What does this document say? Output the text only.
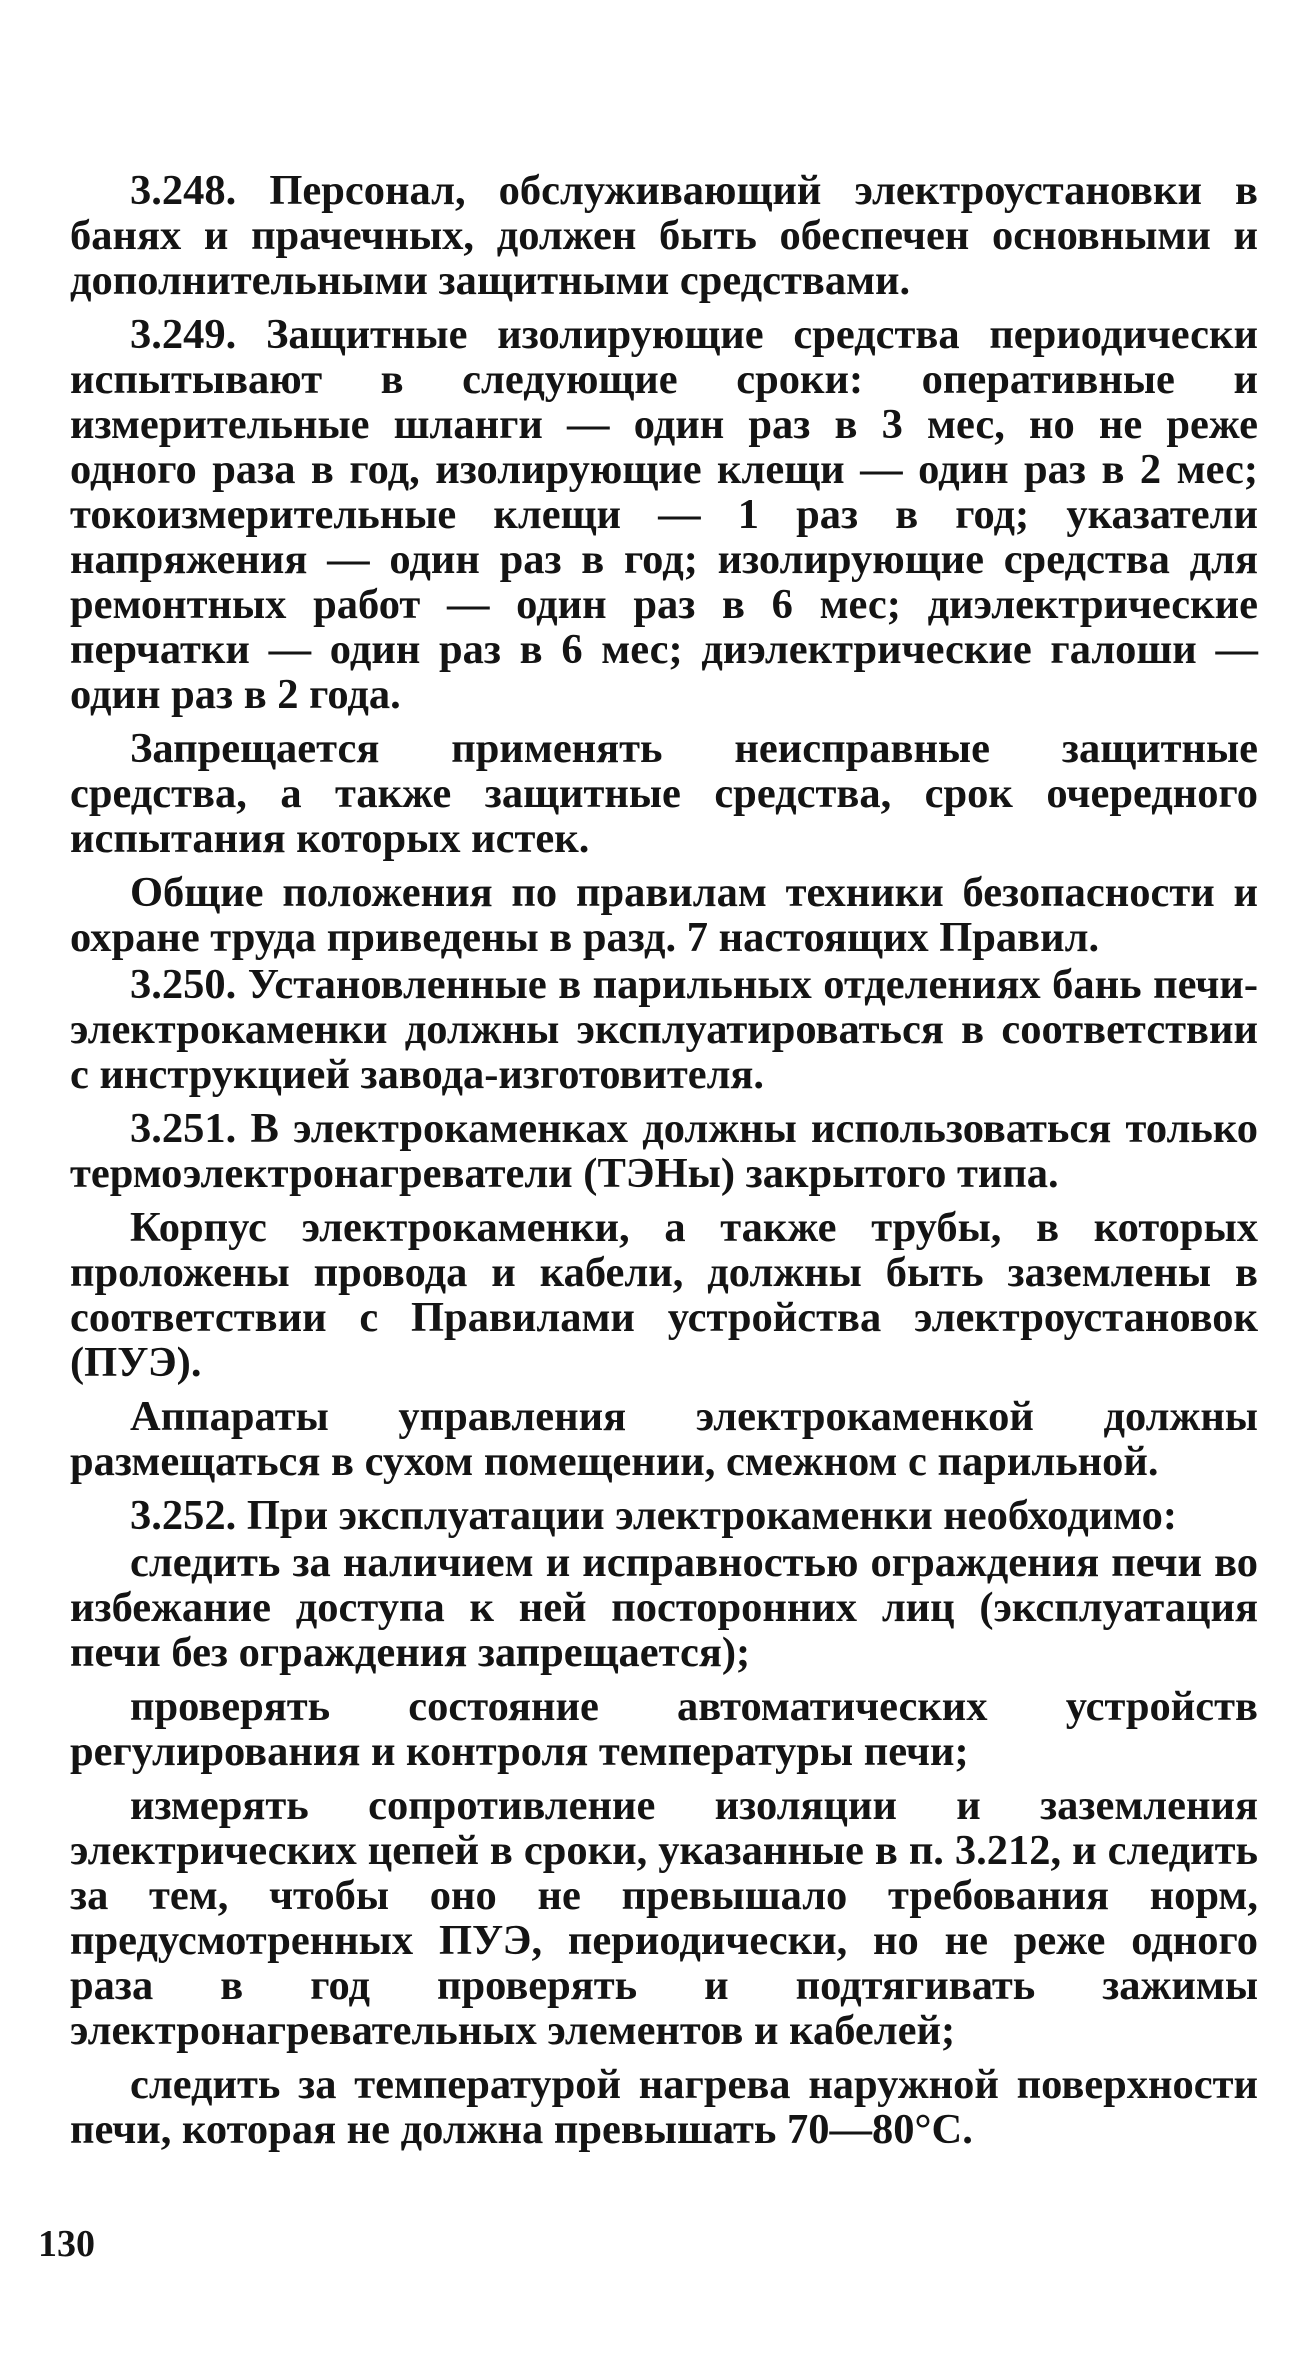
3.248. Персонал, обслуживающий электроустановки в банях и прачечных, должен быть обеспечен основными и дополнительными защитными средствами.

3.249. Защитные изолирующие средства периодически испытывают в следующие сроки: оперативные и измерительные шланги — один раз в 3 мес, но не реже одного раза в год, изолирующие клещи — один раз в 2 мес; токоизмерительные клещи — 1 раз в год; указатели напряжения — один раз в год; изолирующие средства для ремонтных работ — один раз в 6 мес; диэлектрические перчатки — один раз в 6 мес; диэлектрические галоши — один раз в 2 года.

Запрещается применять неисправные защитные средства, а также защитные средства, срок очередного испытания которых истек.

Общие положения по правилам техники безопасности и охране труда приведены в разд. 7 настоящих Правил.

3.250. Установленные в парильных отделениях бань печи-электрокаменки должны эксплуатироваться в соответствии с инструкцией завода-изготовителя.

3.251. В электрокаменках должны использоваться только термоэлектронагреватели (ТЭНы) закрытого типа.

Корпус электрокаменки, а также трубы, в которых проложены провода и кабели, должны быть заземлены в соответствии с Правилами устройства электроустановок (ПУЭ).

Аппараты управления электрокаменкой должны размещаться в сухом помещении, смежном с парильной.

3.252. При эксплуатации электрокаменки необходимо:

следить за наличием и исправностью ограждения печи во избежание доступа к ней посторонних лиц (эксплуатация печи без ограждения запрещается);

проверять состояние автоматических устройств регулирования и контроля температуры печи;

измерять сопротивление изоляции и заземления электрических цепей в сроки, указанные в п. 3.212, и следить за тем, чтобы оно не превышало требования норм, предусмотренных ПУЭ, периодически, но не реже одного раза в год проверять и подтягивать зажимы электронагревательных элементов и кабелей;

следить за температурой нагрева наружной поверхности печи, которая не должна превышать 70—80°С.

130
